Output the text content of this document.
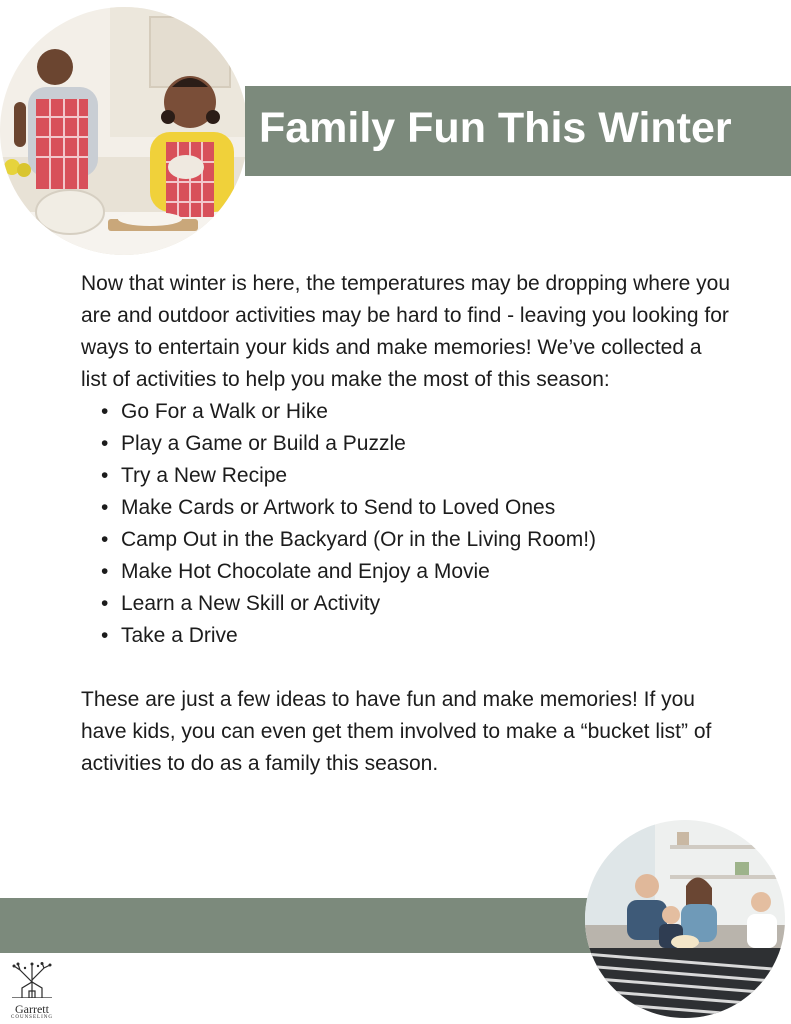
Family Fun This Winter

Now that winter is here, the temperatures may be dropping where you are and outdoor activities may be hard to find - leaving you looking for ways to entertain your kids and make memories! We’ve collected a list of activities to help you make the most of this season:

• Go For a Walk or Hike
• Play a Game or Build a Puzzle
• Try a New Recipe
• Make Cards or Artwork to Send to Loved Ones
• Camp Out in the Backyard (Or in the Living Room!)
• Make Hot Chocolate and Enjoy a Movie
• Learn a New Skill or Activity
• Take a Drive

These are just a few ideas to have fun and make memories! If you have kids, you can even get them involved to make a “bucket list” of activities to do as a family this season.

Garrett
COUNSELING
